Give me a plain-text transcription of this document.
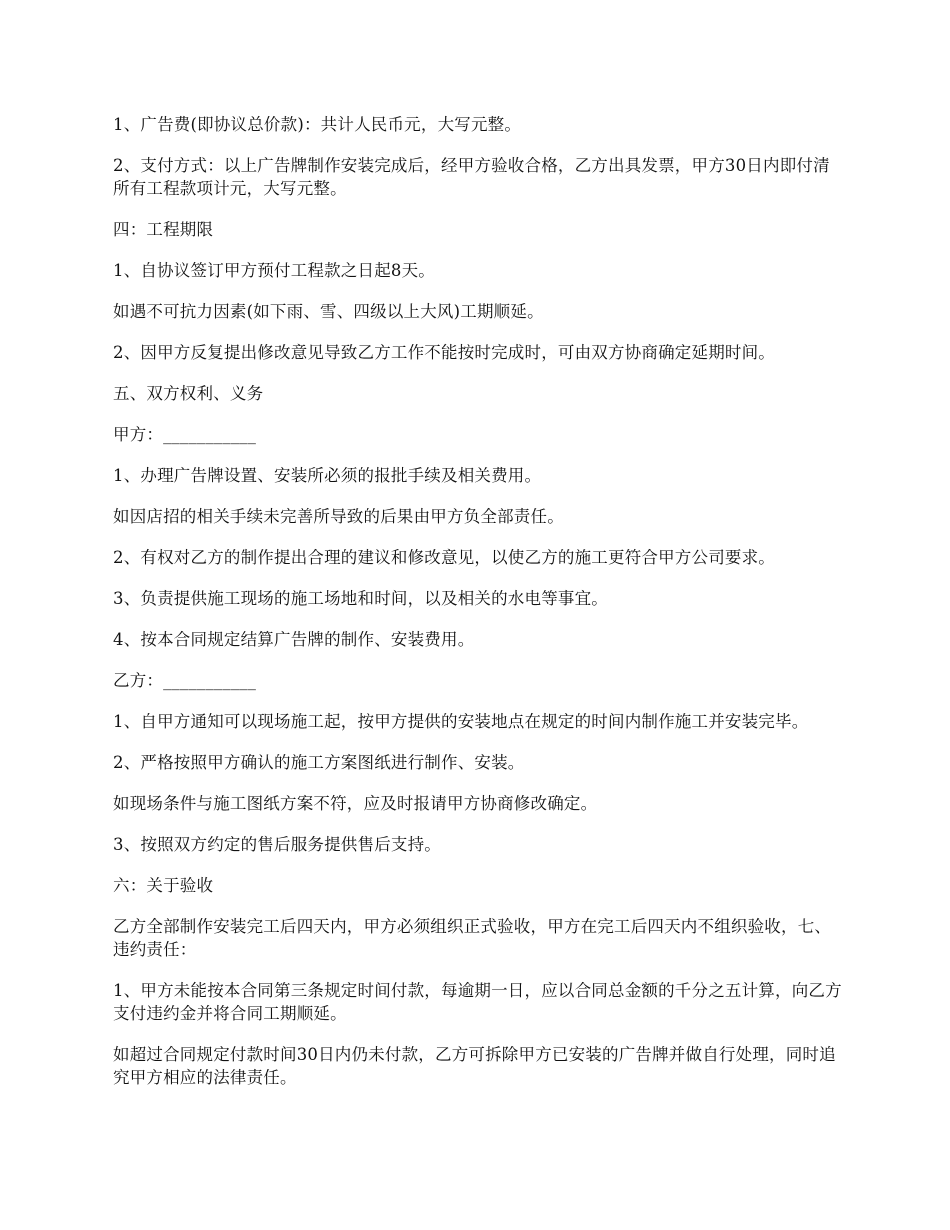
1、广告费(即协议总价款)：共计人民币元，大写元整。

2、支付方式：以上广告牌制作安装完成后，经甲方验收合格，乙方出具发票，甲方30日内即付清所有工程款项计元，大写元整。

四：工程期限

1、自协议签订甲方预付工程款之日起8天。

如遇不可抗力因素(如下雨、雪、四级以上大风)工期顺延。

2、因甲方反复提出修改意见导致乙方工作不能按时完成时，可由双方协商确定延期时间。

五、双方权利、义务

甲方：___________

1、办理广告牌设置、安装所必须的报批手续及相关费用。

如因店招的相关手续未完善所导致的后果由甲方负全部责任。

2、有权对乙方的制作提出合理的建议和修改意见，以使乙方的施工更符合甲方公司要求。

3、负责提供施工现场的施工场地和时间，以及相关的水电等事宜。

4、按本合同规定结算广告牌的制作、安装费用。

乙方：___________

1、自甲方通知可以现场施工起，按甲方提供的安装地点在规定的时间内制作施工并安装完毕。

2、严格按照甲方确认的施工方案图纸进行制作、安装。

如现场条件与施工图纸方案不符，应及时报请甲方协商修改确定。

3、按照双方约定的售后服务提供售后支持。

六：关于验收

乙方全部制作安装完工后四天内，甲方必须组织正式验收，甲方在完工后四天内不组织验收，七、违约责任：

1、甲方未能按本合同第三条规定时间付款，每逾期一日，应以合同总金额的千分之五计算，向乙方支付违约金并将合同工期顺延。

如超过合同规定付款时间30日内仍未付款，乙方可拆除甲方已安装的广告牌并做自行处理，同时追究甲方相应的法律责任。
